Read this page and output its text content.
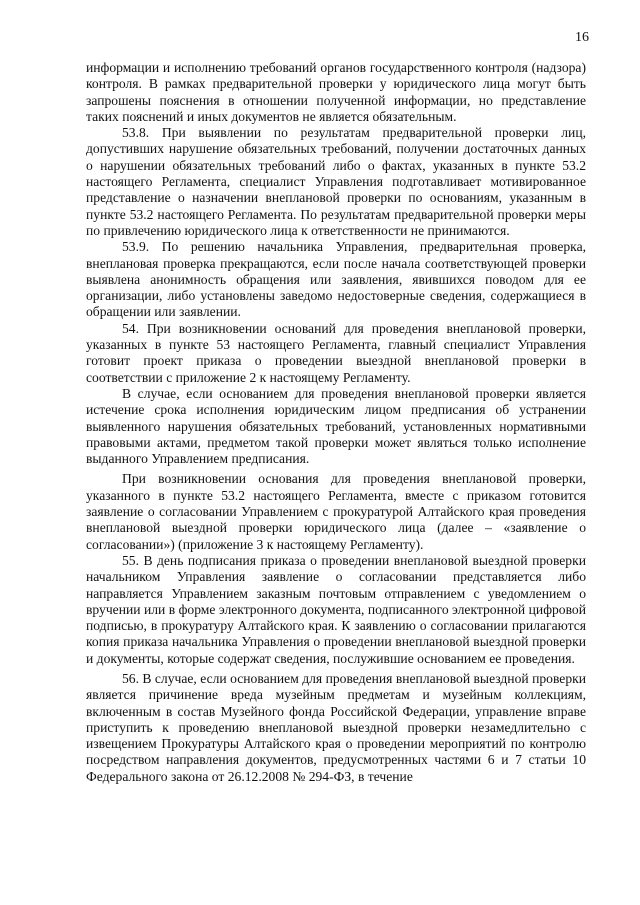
16

информации и исполнению требований органов государственного контроля (надзора) контроля. В рамках предварительной проверки у юридического лица могут быть запрошены пояснения в отношении полученной информации, но представление таких пояснений и иных документов не является обязательным.

53.8. При выявлении по результатам предварительной проверки лиц, допустивших нарушение обязательных требований, получении достаточных данных о нарушении обязательных требований либо о фактах, указанных в пункте 53.2 настоящего Регламента, специалист Управления подготавливает мотивированное представление о назначении внеплановой проверки по основаниям, указанным в пункте 53.2 настоящего Регламента. По результатам предварительной проверки меры по привлечению юридического лица к ответственности не принимаются.

53.9. По решению начальника Управления, предварительная проверка, внеплановая проверка прекращаются, если после начала соответствующей проверки выявлена анонимность обращения или заявления, явившихся поводом для ее организации, либо установлены заведомо недостоверные сведения, содержащиеся в обращении или заявлении.

54. При возникновении оснований для проведения внеплановой проверки, указанных в пункте 53 настоящего Регламента, главный специалист Управления готовит проект приказа о проведении выездной внеплановой проверки в соответствии с приложение 2 к настоящему Регламенту.

В случае, если основанием для проведения внеплановой проверки является истечение срока исполнения юридическим лицом предписания об устранении выявленного нарушения обязательных требований, установленных нормативными правовыми актами, предметом такой проверки может являться только исполнение выданного Управлением предписания.

При возникновении основания для проведения внеплановой проверки, указанного в пункте 53.2 настоящего Регламента, вместе с приказом готовится заявление о согласовании Управлением с прокуратурой Алтайского края проведения внеплановой выездной проверки юридического лица (далее – «заявление о согласовании») (приложение 3 к настоящему Регламенту).

55. В день подписания приказа о проведении внеплановой выездной проверки начальником Управления заявление о согласовании представляется либо направляется Управлением заказным почтовым отправлением с уведомлением о вручении или в форме электронного документа, подписанного электронной цифровой подписью, в прокуратуру Алтайского края. К заявлению о согласовании прилагаются копия приказа начальника Управления о проведении внеплановой выездной проверки и документы, которые содержат сведения, послужившие основанием ее проведения.

56. В случае, если основанием для проведения внеплановой выездной проверки является причинение вреда музейным предметам и музейным коллекциям, включенным в состав Музейного фонда Российской Федерации, управление вправе приступить к проведению внеплановой выездной проверки незамедлительно с извещением Прокуратуры Алтайского края о проведении мероприятий по контролю посредством направления документов, предусмотренных частями 6 и 7 статьи 10 Федерального закона от 26.12.2008 № 294-ФЗ, в течение
